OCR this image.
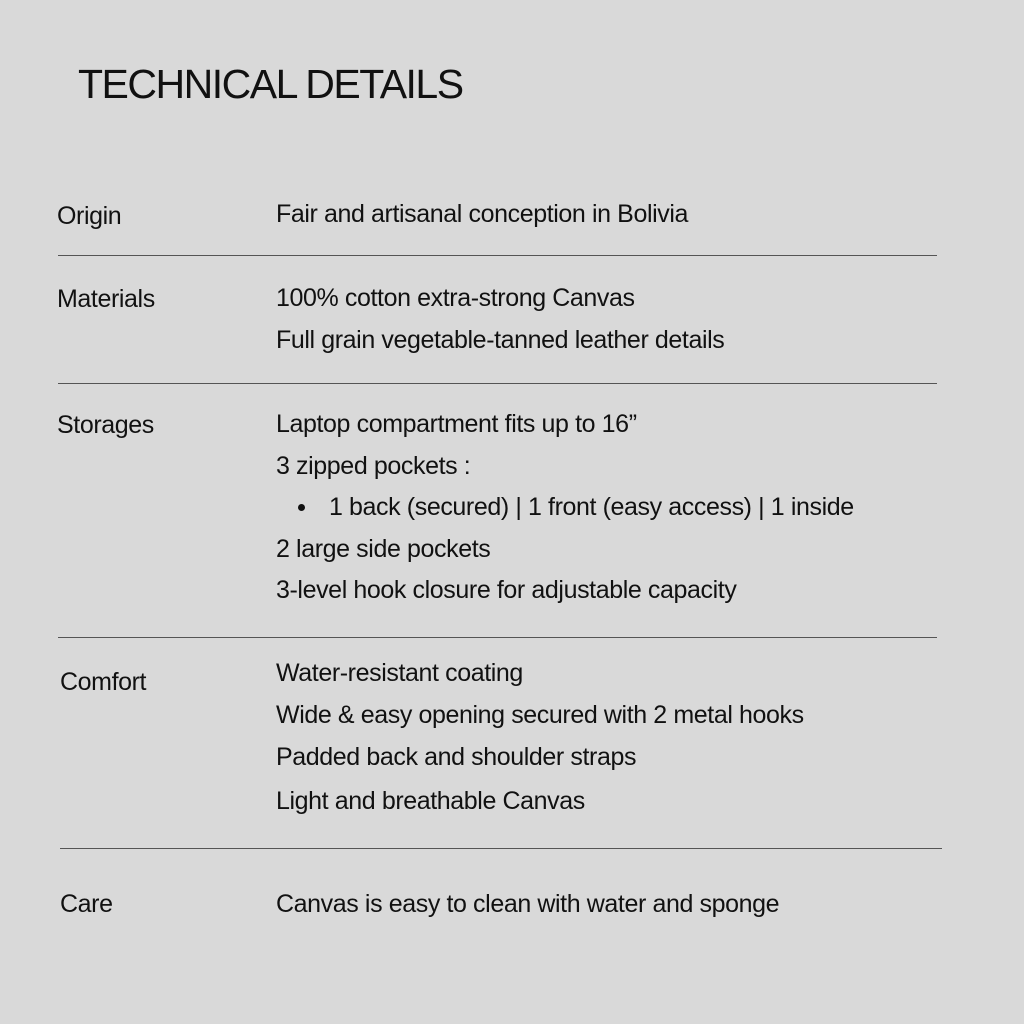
TECHNICAL DETAILS
Origin	Fair and artisanal conception in Bolivia
Materials	100% cotton extra-strong Canvas
Full grain vegetable-tanned leather details
Storages	Laptop compartment fits up to 16”
3 zipped pockets :
1 back (secured) | 1 front (easy access) | 1 inside
2 large side pockets
3-level hook closure for adjustable capacity
Comfort	Water-resistant coating
Wide & easy opening secured with 2 metal hooks
Padded back and shoulder straps
Light and breathable Canvas
Care	Canvas is easy to clean with water and sponge
